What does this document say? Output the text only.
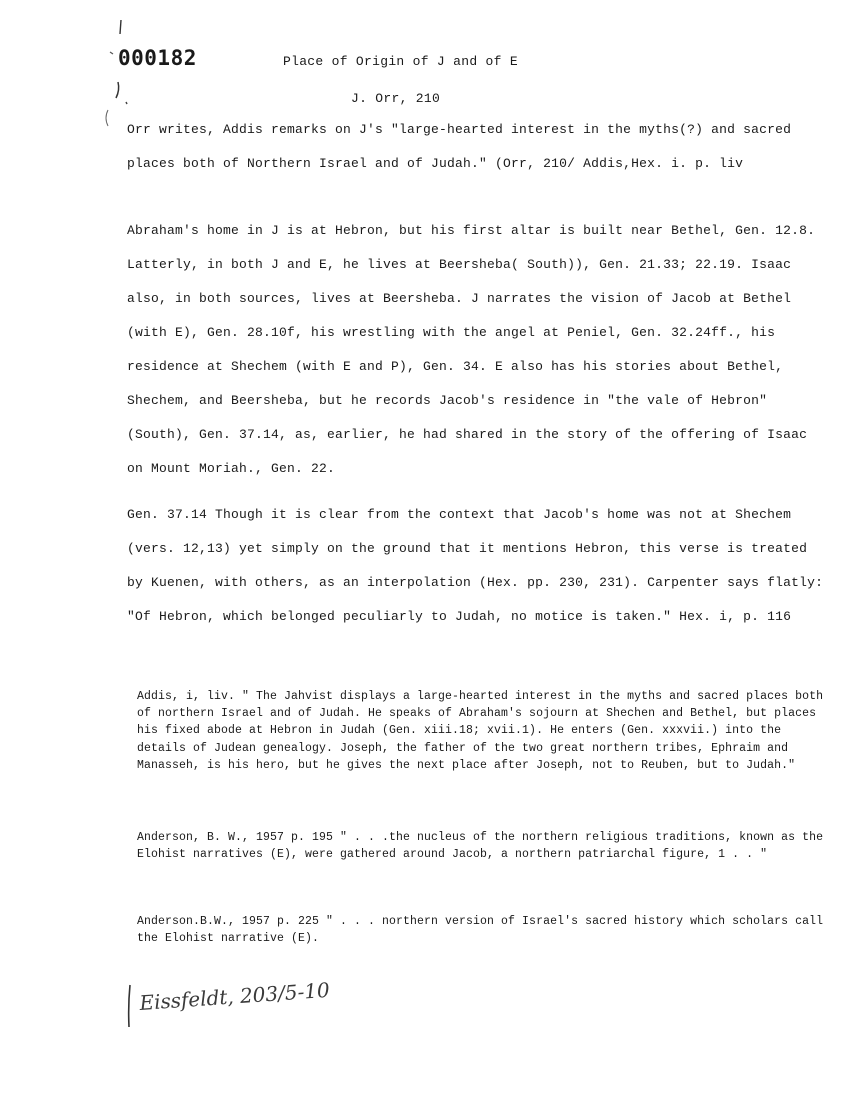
000182	Place of Origin of J and of E
J. Orr, 210

Orr writes, Addis remarks on J's "large-hearted interest in the myths(?) and sacred places both of Northern Israel and of Judah." (Orr, 210/ Addis,Hex. i. p. liv

Abraham's home in J is at Hebron, but his first altar is built near Bethel, Gen. 12.8. Latterly, in both J and E, he lives at Beersheba( South)), Gen. 21.33; 22.19. Isaac also, in both sources, lives at Beersheba. J narrates the vision of Jacob at Bethel (with E), Gen. 28.10f, his wrestling with the angel at Peniel, Gen. 32.24ff., his residence at Shechem (with E and P), Gen. 34. E also has his stories about Bethel, Shechem, and Beersheba, but he records Jacob's residence in "the vale of Hebron" (South), Gen. 37.14, as, earlier, he had shared in the story of the offering of Isaac on Mount Moriah., Gen. 22.

Gen. 37.14 Though it is clear from the context that Jacob's home was not at Shechem (vers. 12,13) yet simply on the ground that it mentions Hebron, this verse is treated by Kuenen, with others, as an interpolation (Hex. pp. 230, 231). Carpenter says flatly: "Of Hebron, which belonged peculiarly to Judah, no motice is taken." Hex. i, p. 116

Addis, i, liv. " The Jahvist displays a large-hearted interest in the myths and sacred places both of northern Israel and of Judah. He speaks of Abraham's sojourn at Shechen and Bethel, but places his fixed abode at Hebron in Judah (Gen. xiii.18; xvii.1). He enters (Gen. xxxvii.) into the details of Judean genealogy. Joseph, the father of the two great northern tribes, Ephraim and Manasseh, is his hero, but he gives the next place after Joseph, not to Reuben, but to Judah."

Anderson, B. W., 1957 p. 195 " . . .the nucleus of the northern religious traditions, known as the Elohist narratives (E), were gathered around Jacob, a northern patriarchal figure, 1 . . "

Anderson.B.W., 1957 p. 225 " . . . northern version of Israel's sacred history which scholars call the Elohist narrative (E).

Eissfeldt, 203/5-10
